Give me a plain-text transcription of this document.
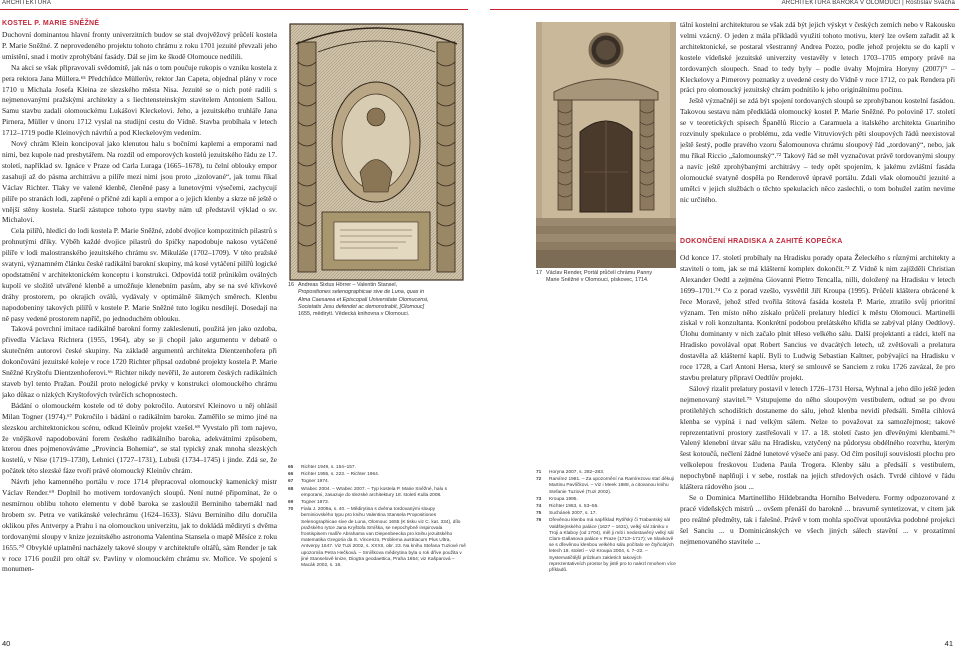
ARCHITEKTURA	ARCHITEKTURA BAROKA V OLOMOUCI | Rostislav Švácha
KOSTEL P. MARIE SNĚŽNÉ

Duchovní dominantou hlavní fronty univerzitních budov se stal dvojvěžový průčelí kostela P. Marie Sněžné. Z neprovedeného projektu tohoto chrámu z roku 1701 jezuité převzali jeho umístění, snad i motiv zprohýbání fasády. Dál se jim ke škodě Olomouce nedílili.

Na akci se však připravovali svědomitě, jak nás o tom poučuje rukopis o vzniku kostela z pera rektora Jana Müllera.⁶⁵ Předchůdce Müllerův, rektor Jan Capeta, objednal plány v roce 1710 u Michala Josefa Kleina ze slezského města Nisa. Jezuité se o nich poté radili s nejmenovanými pražskými architekty a s liechtensteinským stavitelem Antoniem Sallou. Samu stavbu zadali olomouckému Lukášovi Kleckelovi. Jeho, a jezuitského truhláře Jana Pirnera, Müller v únoru 1712 vyslal na studijní cestu do Vídně. Stavba probíhala v letech 1712–1719 podle Kleinových návrhů a pod Kleckelovým vedením.

Nový chrám Klein koncipoval jako klenutou halu s bočními kaplemi a emporami nad nimi, bez kupole nad presbytářem. Na rozdíl od emporových kostelů jezuitského řádu ze 17. století, například sv. Ignáce v Praze od Carla Luraga (1665–1678), tu čelní oblouky empor zasahují až do pásma architrávu a pilíře mezi nimi jsou proto „izolované“, jak tomu říkal Václav Richter. Tlaky ve valené klenbě, členěné pasy a lunetovými výsečemi, zachycují pilíře po stranách lodi, zapřené o příčné zdi kapli a empor a o jejich klenby a skrze ně ještě o vnější stěny kostela. Starší zástupce tohoto typu stavby nám už představil výklad o sv. Michalovi.

Cela pilířů, hledící do lodi kostela P. Marie Sněžné, zdobí dvojice kompozitních pilastrů s prohnutými dříky. Výběh každé dvojice pilastrů do špičky napodobuje nakoso vytáčené pilíře v lodi malostranského jezuitského chrámu sv. Mikuláše (1702–1709). V této pražské svatyni, významném článku české radikální barokní skupiny, má kosé vytáčení pilířů logické opodstatnění v architektonickém konceptu i konstrukci. Odpovídá totiž průnikům oválných kupolí ve složitě utvářené klenbě a umožňuje klenebním pasům, aby se na své křivkové dráhy prostorem, po okrajích oválů, vydávaly v optimálně šikmých směrech. Klenbu napodobeniny takových pilířů v kostele P. Marie Sněžné tuto logiku nesdílejí. Dosedají na ně pasy vedené prostorem napříč, po jednoduchém oblouku.

Taková povrchní imitace radikálně barokní formy zakleslenuti, použitá jen jako ozdoba, přivedla Václava Richtera (1955, 1964), aby se ji chopil jako argumentu v debatě o skutečném autorovi české skupiny. Na základě argumentů architekta Dientzenhofera při dokončování jezuitské koleje v roce 1720 Richter připsal ozdobné projekty kostela P. Marie Sněžné Kryštofu Dientzenhoferovi.⁶⁶ Richter nikdy nevěřil, že autorem českých radikálních staveb byl tento Pražan. Použil proto nelogické prvky v konstrukci olomouckého chrámu jako důkaz o nízkých Kryštofových tvůrčích schopnostech.

Bádání o olomouckém kostele od té doby pokročilo. Autorství Kleinovo u něj ohlásil Milan Togner (1974).⁶⁷ Pokročilo i bádání o radikálním baroku. Zaměřilo se mimo jiné na slezskou architektonickou scénu, odkud Kleinův projekt vzešel.⁶⁸ Vyvstalo při tom najevo, že vnějškově napodobování forem českého radikálního baroka, adekvátními způsobem, kterou dnes pojmenováváme „Provincia Bohemia“, se stal typický znak mnoha slezských kostelů, v Nise (1719–1730), Lehnici (1727–1731), Lubuši (1734–1745) i jinde. Zdá se, že počátek této slezské fáze tvoří právě olomoucký Kleinův chrám.

Návrh jeho kamenného portálu v roce 1714 přepracoval olomoucký kamenický mistr Václav Render.⁶⁹ Doplnil ho motivem tordovaných sloupů. Není nutné připomínat, že o nesmírnou oblibu tohoto elementu v době baroka se zasloužil Berniniho tabernákl nad hrobem sv. Petra ve vatikánské velechrámu (1624–1633). Slávu Berniniho dílu doručila oklikou přes Antverpy a Prahu i na olomouckou univerzitu, jak to dokládá mědirytí s dvěma tordovanými sloupy v knize jezuitského astronoma Valentina Stansela o mapě Měsíce z roku 1655.⁷⁰ Obvyklé uplatnění nacházely takové sloupy v architektuře oltářů, sám Render je tak v roce 1716 použil pro oltář sv. Pavliny v olomouckém chrámu sv. Mořice. Ve spojení s monumen-

16 Andreas Sixtus Hörrer – Valentin Stansel,
Propositiones selenographicae sive de Luna, quas in
Alma Caesarea et Episcopali Universitate Olomucensi,
Societatis Jesu defendet ac demonstrabit, [Olomouc]
1655, mědirytí. Vědecká knihovna v Olomouci.
65	Richter 1949, s. 154–157.
66	Richter 1955, s. 223. – Richter 1964.
67	Togner 1974.
68	Wrabec 2004. – Wrabec 2007. – Typ kostela P. Marie Sněžné, halu s emporami, zasazuje do slezské architektury 18. století Kulla 2008.
69	Togner 1973.
70	Fiala J. 2009a, s. 40. – Mědirytina s dvěma tordovanými sloupy berniniovského typu pro knihu Valentina Stansela Propositiones Selenographicae sive de Luna, Olomouc 1655 (K tisku viz C. kat. 334), dílo pražského rytce Jana Kryštofa Smíška, se nepochybně inspirovala frontispisem malíře Abrahama van Diepenbeecka pro knihu jezuitského matematika Gregoria da S. Vincenzo, Problema austriacum Plus Ultra, Antverpy 1647. Viz Tuzi 2002, s. XXXII, obr. 23. Na knihu Stefana Tuziové mě upozornila Petra Hečková. – Smíškova mědirytina byla o rok dříve použita v jiné Stanselově knize, Diogtra geodaettica, Praha 1654; viz Kašparová – Macák 2002, s. 18.
17 Václav Render, Portál průčelí chrámu Panny
Marie Sněžné v Olomouci, pískovec, 1714.
71	Horyna 2007, s. 282–283.
72	Ramírez 1981. – Za upozornění na Ramírezovu stať děkuji Martinu Pavlíčkovi. – Viz i Meek 1988, a citovanou knihu Stefanie Tuziové (Tuzi 2002).
73	Kroupa 1995.
74	Richter 1963, s. 53–55.
75	Suchánek 2007, s. 17.
76	Dřevěnou klenbu má například Rytířský či Trabantský sál Valdštejnského paláce (1627 – 1631), velký sál zámku v Troji a Klaboy (od 1704), měl ji míti i nedostavěný velký sál Clam-Gallasova paláce v Praze (1713–1717); ve Slavkově se s dřevěnou klenbou velkého sálu počítalo ve čtyřicátých letech 18. století – viz Kroupa 2004, s. 7–22. – Systematičtější průzkum zakletích takových reprezentativních prostor by jistě pro to nalezl mnohem více příkladů.

tální kostelní architekturou se však zdá být jejich výskyt v českých zemích nebo v Rakousku velmi vzácný. O jeden z mála příkladů využití tohoto motivu, který lze ovšem zařadit až k architektonické, se postaral všestranný Andrea Pozzo, podle jehož projektu se do kaplí v kostele vídeňské jezuitské univerzity vestavěly v letech 1703–1705 empory právě na tordovaných sloupech. Snad to tedy byly – podle úvahy Mojmíra Horyny (2007)⁷¹ – Kleckelovy a Pirnerovy poznatky z uvedené cesty do Vídně v roce 1712, co pak Rendera při práci pro olomoucký jezuitský chrám podnítilo k jeho originálnímu počinu.

Ještě význačněji se zdá být spojení tordovaných sloupů se zprohýbanou kostelní fasádou. Takovou sestavu nám předkládá olomoucký kostel P. Marie Sněžné. Po polovině 17. století se v teoretických spisech Španělů Riccio a Caramuela a italského architekta Guariniho rozvinuly spekulace o problému, zda vedle Vitruviových pěti sloupových řádů neexistoval ještě šestý, podle pravého vzoru Šalomounova chrámu sloupový řád „tordovaný“, nebo, jak mu říkal Riccio „šalomounský“.⁷² Takový řád se měl vyznačovat právě tordovanými sloupy a navíc ještě zprohýbanými architrávy – tedy opět spojením, k jakému zvláštní fasáda olomoucké svatyně dospěla po Renderově úpravě portálu. Zdali však olomoučtí jezuité a umělci v jejich službách o těchto spekulacích něco zaslechli, o tom bohužel zatím nevíme nic určitého.

DOKONČENÍ HRADISKA A ZAHITÉ KOPEČKA

Od konce 17. století probíhaly na Hradisku porady opata Želeckého s různými architekty a staviteli o tom, jak se má klášterní komplex dokončit.⁷³ Z Vídně k nim zajížděli Christian Alexander Oedtl a zejména Giovanni Pietro Tencalla, nilli, doložený na Hradisku v letech 1699–1701.⁷⁴ Co z porad vzešlo, vysvětlil Jiří Kroupa (1995). Průčelí kláštera obrácené k řece Moravě, jehož střed tvořila štítová fasáda kostela P. Marie, ztratilo svůj prioritní význam. Ten místo něho získalo průčelí prelatury hledící k městu Olomouci. Martinelli získal v roli konzultanta. Konkrétní podobou prelátského křídla se zabýval plány Oedtlový. Úlohu dominanty v nich začalo plnit těleso velkého sálu. Další projektanti a rádci, kteří na Hradisko povolával opat Robert Sancius ve dvacátých letech, už zvětšovali a prelatura dostavěla až klášterní kaplí. Byli to Ludwig Sebastian Kaltner, pobývající na Hradisku v roce 1728, a Carl Antoni Hersa, který se smlouvě se Sanciem z roku 1726 zavázal, že pro stavbu prelatury připraví Oedtlův projekt.

Sálový rizalit prelatury postavil v letech 1726–1731 Hersa, Wyhnal a jeho dílo ještě jeden nejmenovaný stavitel.⁷⁵ Vstupujeme do něho sloupovým vestibulem, odtud se po dvou protilehlých schodištích dostaneme do sálu, jehož klenba nevidí předsálí. Směla cihlová klenba se vypíná i nad velkým sálem. Nelze to považovat za samozřejmost; takové reprezentativní prostory zastřešovali v 17. a 18. století často jen dřevěnými klenbami.⁷⁶ Valený klenební útvar sálu na Hradisku, vztyčený na půdorysu obdélného rozvrhu, kterým šest kotoučů, nečlení žádné lunetové výseče ani pasy. Od čím posilují souvislosti plochu pro velkolepou freskovou Ľudena Paula Trogera. Klenby sálu a předsálí s vestibulem, nepochybně naplňují i v sebe, rostlak na jejich středových osách. Tvrdé cihlové v řádu kláštera rádového jsou ...

Se o Dominica Martinelliho Hildebrandta Horního Belvederu. Formy odpozorované z pracé vídeňských mistrů ... ovšem přenáší do barokně ... bravurně syntetizovat, v citem jak pro reálné předměty, tak i falešné. Právě v tom mohla spočívat upoutávka podobné projekci šel Sanciu ... u Dominicánských ve všech jiných sálech stavění ... v prozatímní nejmenovaného stavitele ...

40	41
